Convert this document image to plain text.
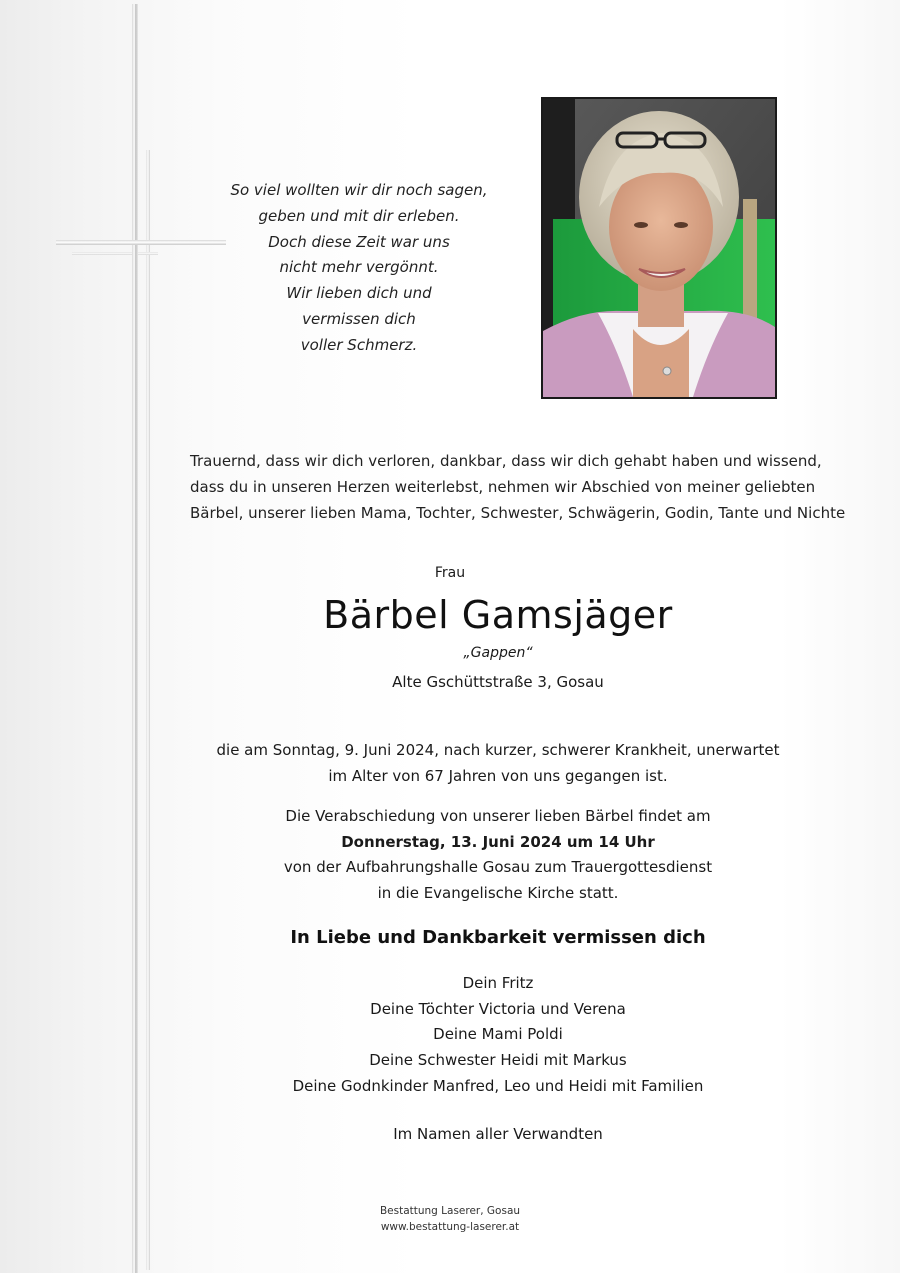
So viel wollten wir dir noch sagen,
geben und mit dir erleben.
Doch diese Zeit war uns
nicht mehr vergönnt.
Wir lieben dich und
vermissen dich
voller Schmerz.
Trauernd, dass wir dich verloren, dankbar, dass wir dich gehabt haben und wissend,
dass du in unseren Herzen weiterlebst, nehmen wir Abschied von meiner geliebten
Bärbel, unserer lieben Mama, Tochter, Schwester, Schwägerin, Godin, Tante und Nichte
Frau
Bärbel Gamsjäger
„Gappen“
Alte Gschüttstraße 3, Gosau
die am Sonntag, 9. Juni 2024, nach kurzer, schwerer Krankheit, unerwartet
im Alter von 67 Jahren von uns gegangen ist.
Die Verabschiedung von unserer lieben Bärbel findet am
Donnerstag, 13. Juni 2024 um 14 Uhr
von der Aufbahrungshalle Gosau zum Trauergottesdienst
in die Evangelische Kirche statt.
In Liebe und Dankbarkeit vermissen dich
Dein Fritz
Deine Töchter Victoria und Verena
Deine Mami Poldi
Deine Schwester Heidi mit Markus
Deine Godnkinder Manfred, Leo und Heidi mit Familien
Im Namen aller Verwandten
Bestattung Laserer, Gosau
www.bestattung-laserer.at
